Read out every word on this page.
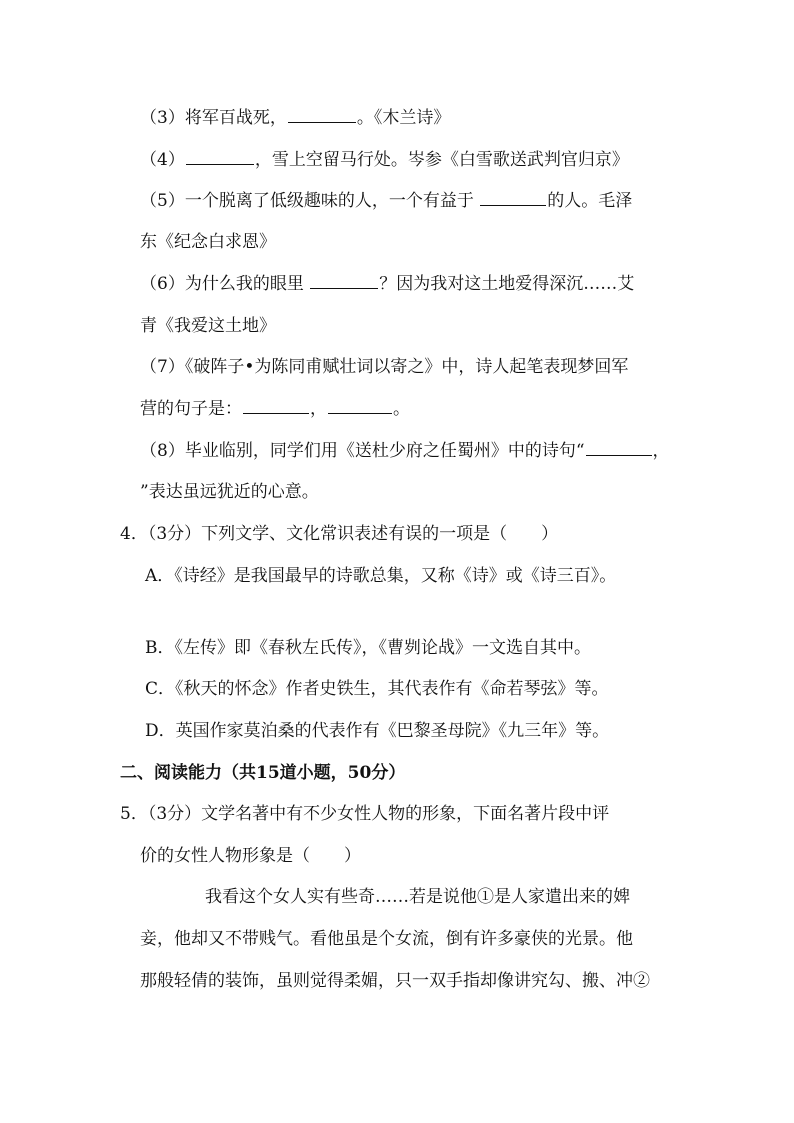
（3）将军百战死，	。《木兰诗》
（4）	，雪上空留马行处。岑参《白雪歌送武判官归京》
（5）一个脱离了低级趣味的人，一个有益于	的人。毛泽
东《纪念白求恩》
（6）为什么我的眼里	？因为我对这土地爱得深沉……艾
青《我爱这土地》
（7）《破阵子•为陈同甫赋壮词以寄之》中，诗人起笔表现梦回军
营的句子是：	，	。
（8）毕业临别，同学们用《送杜少府之任蜀州》中的诗句“	，
”表达虽远犹近的心意。
4．（3分）下列文学、文化常识表述有误的一项是（　　）
A．《诗经》是我国最早的诗歌总集，又称《诗》或《诗三百》。
B．《左传》即《春秋左氏传》，《曹刿论战》一文选自其中。
C．《秋天的怀念》作者史铁生，其代表作有《命若琴弦》等。
D．英国作家莫泊桑的代表作有《巴黎圣母院》《九三年》等。
二、阅读能力（共15道小题，50分）
5．（3分）文学名著中有不少女性人物的形象，下面名著片段中评
价的女性人物形象是（　　）
我看这个女人实有些奇……若是说他①是人家遣出来的婢
妾，他却又不带贱气。看他虽是个女流，倒有许多豪侠的光景。他
那般轻倩的装饰，虽则觉得柔媚，只一双手指却像讲究勾、搬、冲②
